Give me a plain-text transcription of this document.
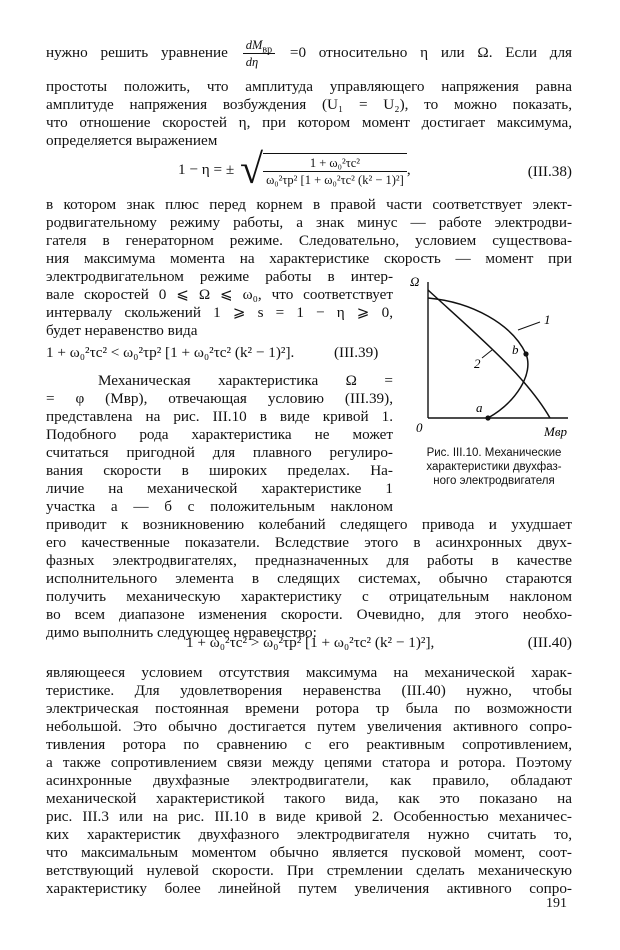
нужно решить уравнение $\frac{dM_{вр}}{d\eta} =0$ относительно η или Ω. Если для
простоты положить, что амплитуда управляющего напряжения равна
амплитуде напряжения возбуждения (U₁ = U₂), то можно показать,
что отношение скоростей η, при котором момент достигает максимума,
определяется выражением
1 − η = ± √ $\frac{\text{1 + ω₀²τc²}}{\text{ω₀²τp² [1 + ω₀²τc² (k² − 1)²]}}$ ,	(III.38)
в котором знак плюс перед корнем в правой части соответствует элект-
родвигательному режиму работы, а знак минус — работе электродви-
гателя в генераторном режиме. Следовательно, условием существова-
ния максимума момента на характеристике скорость — момент при
электродвигательном режиме работы в интер-
вале скоростей 0 ⩽ Ω ⩽ ω₀, что соответствует
интервалу скольжений 1 ⩾ s = 1 − η ⩾ 0,
будет неравенство вида
1 + ω₀²τc² < ω₀²τp² [1 + ω₀²τc² (k² − 1)²].	(III.39)
Механическая характеристика Ω =
= φ (Mвр), отвечающая условию (III.39),
представлена на рис. III.10 в виде кривой 1.
Подобного рода характеристика не может
считаться пригодной для плавного регулиро-
вания скорости в широких пределах. На-
личие на механической характеристике 1
участка a — б с положительным наклоном
приводит к возникновению колебаний следящего привода и ухудшает
его качественные показатели. Вследствие этого в асинхронных двух-
фазных электродвигателях, предназначенных для работы в качестве
исполнительного элемента в следящих системах, обычно стараются
получить механическую характеристику с отрицательным наклоном
во всем диапазоне изменения скорости. Очевидно, для этого необхо-
димо выполнить следующее неравенство:
1 + ω₀²τc² > ω₀²τp² [1 + ω₀²τc² (k² − 1)²],	(III.40)
являющееся условием отсутствия максимума на механической харак-
теристике. Для удовлетворения неравенства (III.40) нужно, чтобы
электрическая постоянная времени ротора τp была по возможности
небольшой. Это обычно достигается путем увеличения активного сопро-
тивления ротора по сравнению с его реактивным сопротивлением,
а также сопротивлением связи между цепями статора и ротора. Поэтому
асинхронные двухфазные электродвигатели, как правило, обладают
механической характеристикой такого вида, как это показано на
рис. III.3 или на рис. III.10 в виде кривой 2. Особенностью механичес-
ких характеристик двухфазного электродвигателя нужно считать то,
что максимальным моментом обычно является пусковой момент, соот-
ветствующий нулевой скорости. При стремлении сделать механическую
характеристику более линейной путем увеличения активного сопро-
Ω
0	Mвр
1
2
a
b
Рис. III.10. Механические
характеристики двухфаз-
ного электродвигателя
191
